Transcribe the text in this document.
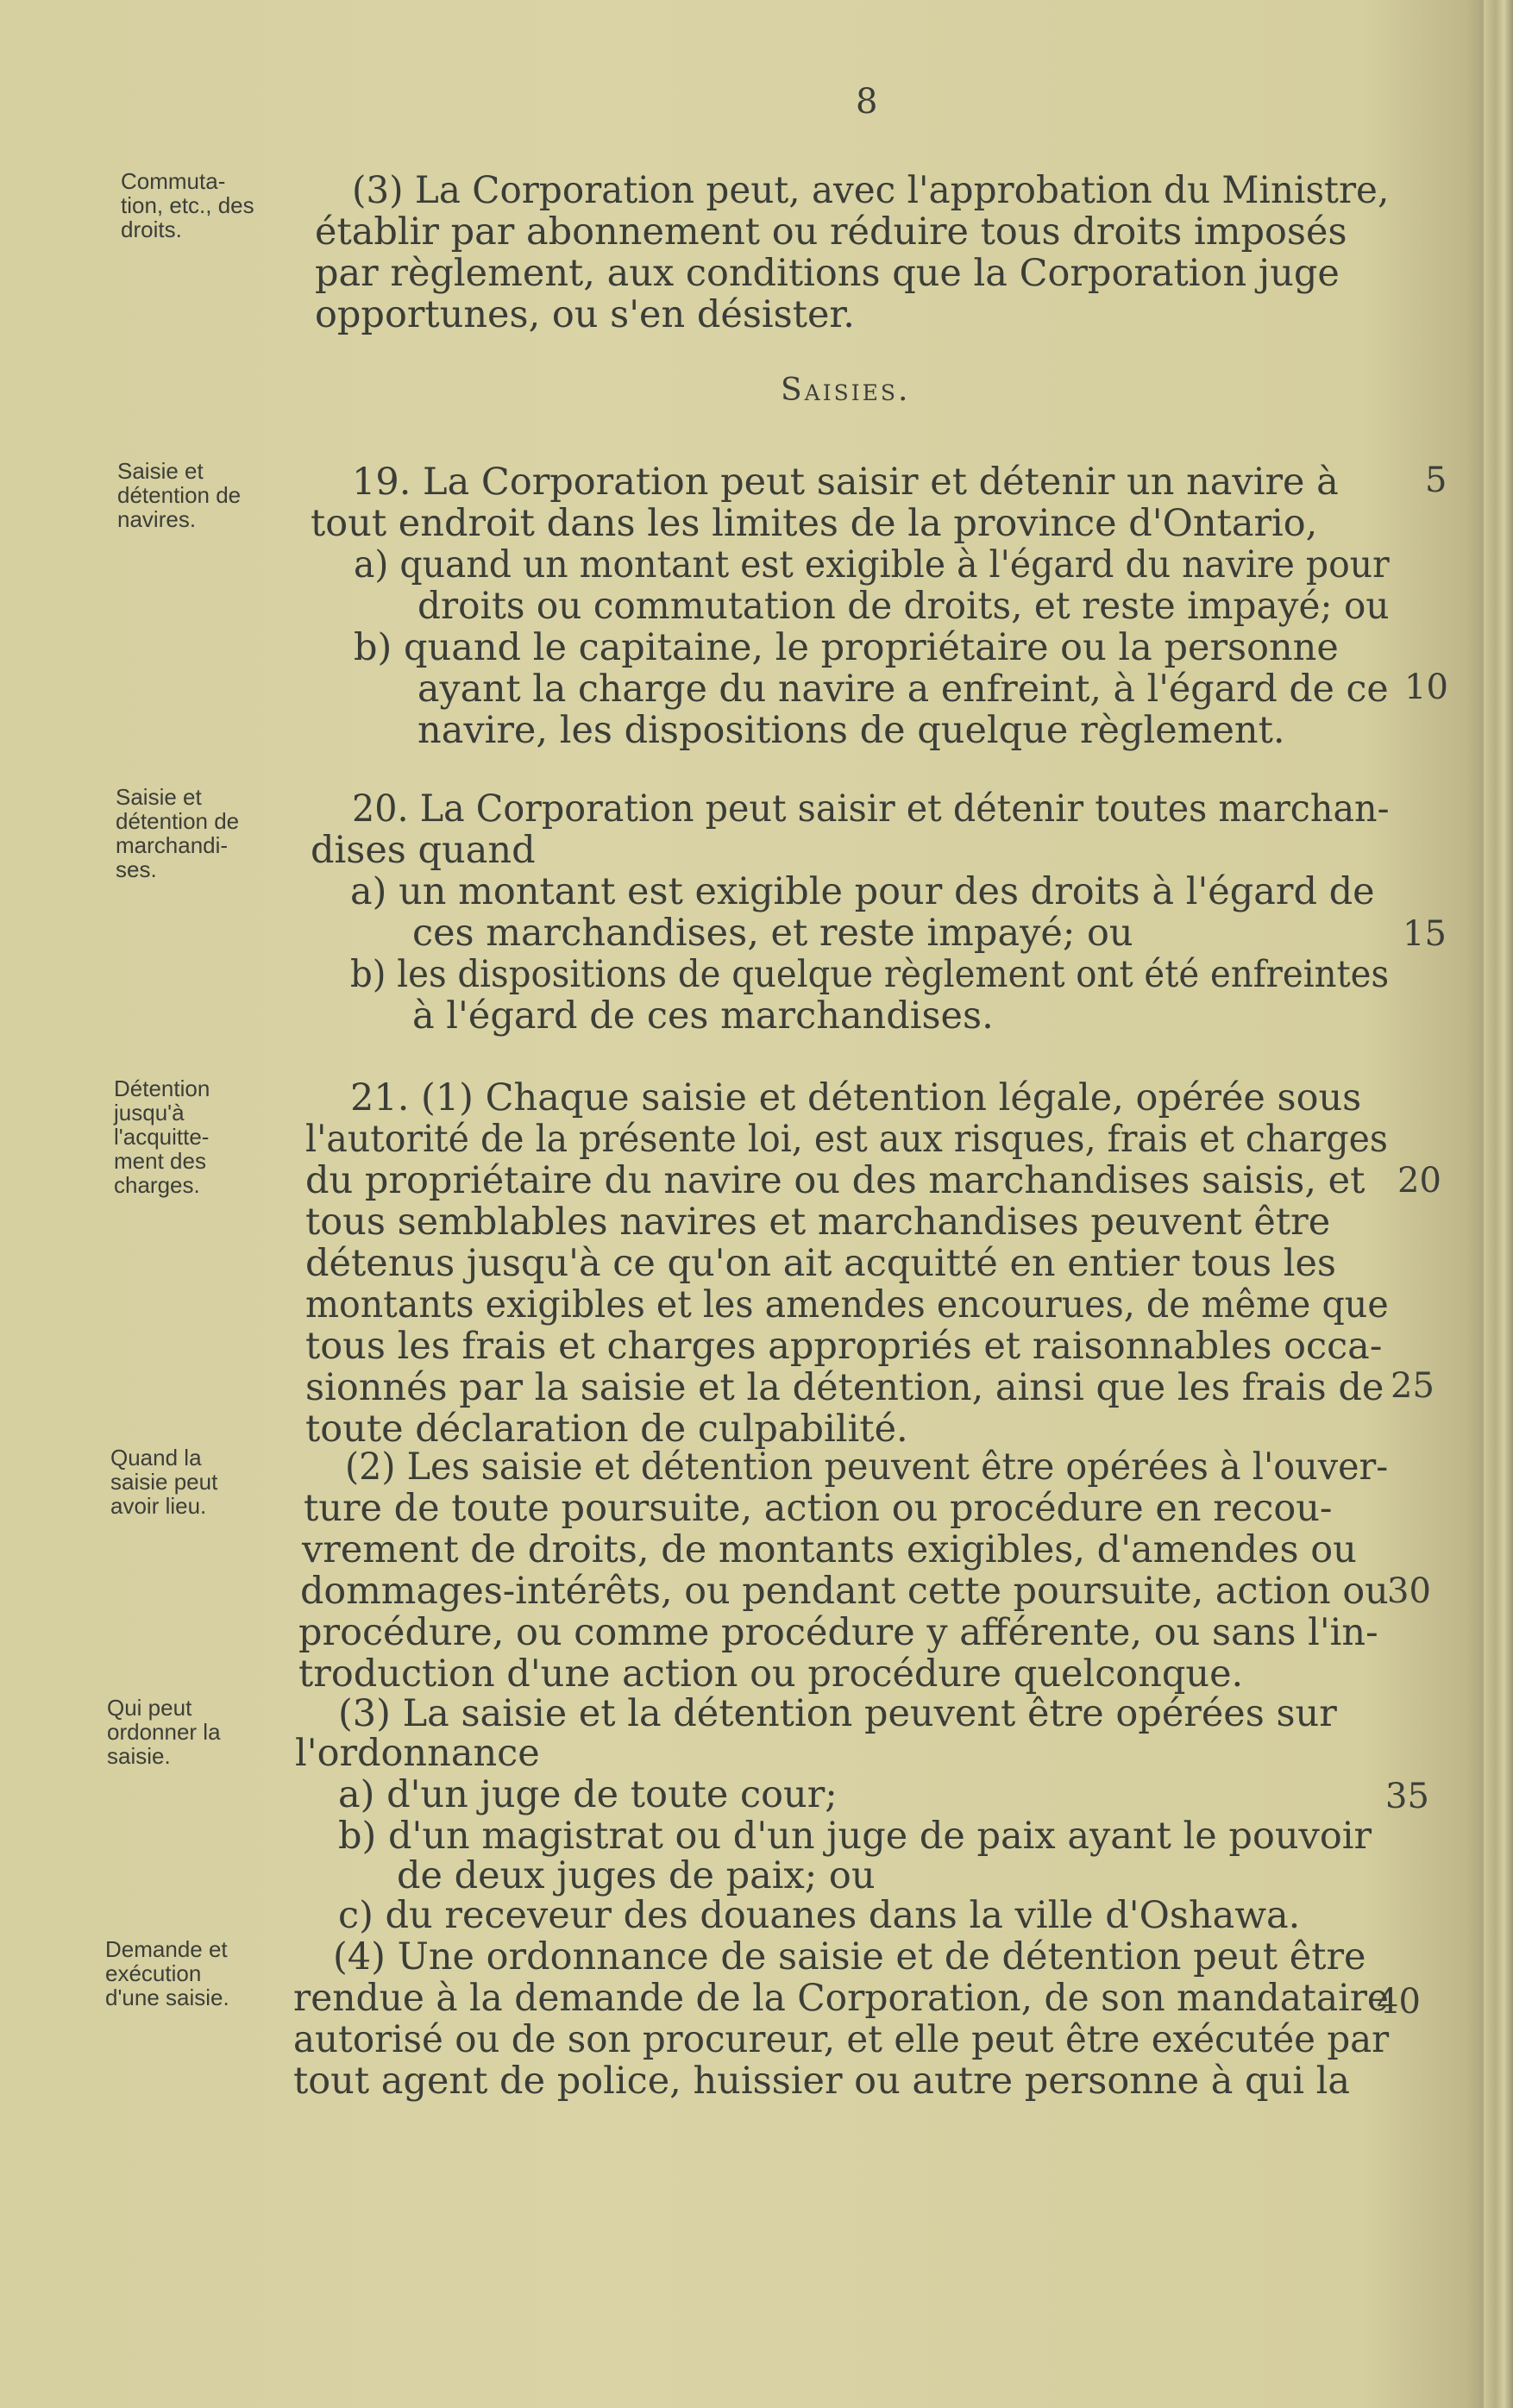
8
Commuta-
tion, etc., des
droits.
Saisie et
détention de
navires.
Saisie et
détention de
marchandi-
ses.
Détention
jusqu'à
l'acquitte-
ment des
charges.
Quand la
saisie peut
avoir lieu.
Qui peut
ordonner la
saisie.
Demande et
exécution
d'une saisie.
Saisies.
(3) La Corporation peut, avec l'approbation du Ministre,
établir par abonnement ou réduire tous droits imposés
par règlement, aux conditions que la Corporation juge
opportunes, ou s'en désister.
19. La Corporation peut saisir et détenir un navire à
tout endroit dans les limites de la province d'Ontario,
a) quand un montant est exigible à l'égard du navire pour
droits ou commutation de droits, et reste impayé; ou
b) quand le capitaine, le propriétaire ou la personne
ayant la charge du navire a enfreint, à l'égard de ce
navire, les dispositions de quelque règlement.
20. La Corporation peut saisir et détenir toutes marchan-
dises quand
a) un montant est exigible pour des droits à l'égard de
ces marchandises, et reste impayé; ou
b) les dispositions de quelque règlement ont été enfreintes
à l'égard de ces marchandises.
21. (1) Chaque saisie et détention légale, opérée sous
l'autorité de la présente loi, est aux risques, frais et charges
du propriétaire du navire ou des marchandises saisis, et
tous semblables navires et marchandises peuvent être
détenus jusqu'à ce qu'on ait acquitté en entier tous les
montants exigibles et les amendes encourues, de même que
tous les frais et charges appropriés et raisonnables occa-
sionnés par la saisie et la détention, ainsi que les frais de
toute déclaration de culpabilité.
(2) Les saisie et détention peuvent être opérées à l'ouver-
ture de toute poursuite, action ou procédure en recou-
vrement de droits, de montants exigibles, d'amendes ou
dommages-intérêts, ou pendant cette poursuite, action ou
procédure, ou comme procédure y afférente, ou sans l'in-
troduction d'une action ou procédure quelconque.
(3) La saisie et la détention peuvent être opérées sur
l'ordonnance
a) d'un juge de toute cour;
b) d'un magistrat ou d'un juge de paix ayant le pouvoir
de deux juges de paix; ou
c) du receveur des douanes dans la ville d'Oshawa.
(4) Une ordonnance de saisie et de détention peut être
rendue à la demande de la Corporation, de son mandataire
autorisé ou de son procureur, et elle peut être exécutée par
tout agent de police, huissier ou autre personne à qui la
5
10
15
20
25
30
35
40
